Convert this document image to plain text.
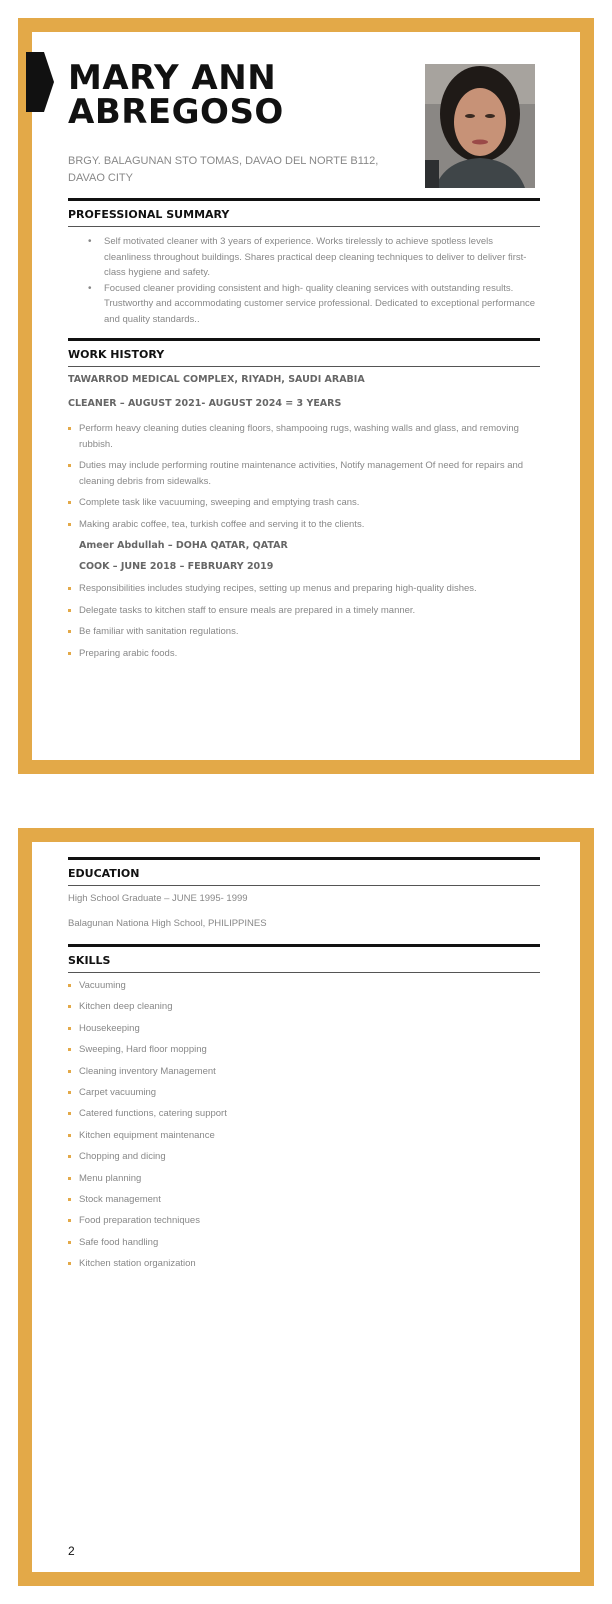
MARY ANN
ABREGOSO
BRGY. BALAGUNAN STO TOMAS, DAVAO DEL NORTE B112,
DAVAO CITY
PROFESSIONAL SUMMARY
• Self motivated cleaner with 3 years of experience. Works tirelessly to achieve spotless levels cleanliness throughout buildings. Shares practical deep cleaning techniques to deliver to deliver first-class hygiene and safety.
• Focused cleaner providing consistent and high- quality cleaning services with outstanding results. Trustworthy and accommodating customer service professional. Dedicated to exceptional performance and quality standards..
WORK HISTORY
TAWARROD MEDICAL COMPLEX, RIYADH, SAUDI ARABIA
CLEANER – AUGUST 2021- AUGUST 2024 = 3 YEARS
Perform heavy cleaning duties cleaning floors, shampooing rugs, washing walls and glass, and removing rubbish.
Duties may include performing routine maintenance activities, Notify management Of need for repairs and cleaning debris from sidewalks.
Complete task like vacuuming, sweeping and emptying trash cans.
Making arabic coffee, tea, turkish coffee and serving it to the clients.
Ameer Abdullah – DOHA QATAR, QATAR
COOK – JUNE 2018 – FEBRUARY 2019
Responsibilities includes studying recipes, setting up menus and preparing high-quality dishes.
Delegate tasks to kitchen staff to ensure meals are prepared in a timely manner.
Be familiar with sanitation regulations.
Preparing arabic foods.
EDUCATION
High School Graduate – JUNE 1995- 1999
Balagunan Nationa High School, PHILIPPINES
SKILLS
Vacuuming
Kitchen deep cleaning
Housekeeping
Sweeping, Hard floor mopping
Cleaning inventory Management
Carpet vacuuming
Catered functions, catering support
Kitchen equipment maintenance
Chopping and dicing
Menu planning
Stock management
Food preparation techniques
Safe food handling
Kitchen station organization
2
